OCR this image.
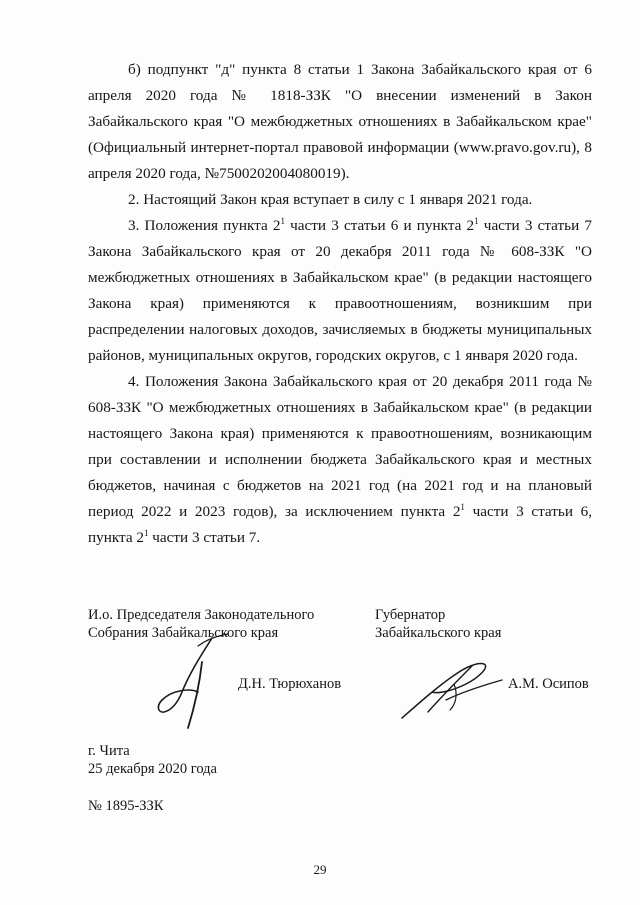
б) подпункт "д" пункта 8 статьи 1 Закона Забайкальского края от 6 апреля 2020 года № 1818-ЗЗК "О внесении изменений в Закон Забайкальского края "О межбюджетных отношениях в Забайкальском крае" (Официальный интернет-портал правовой информации (www.pravo.gov.ru), 8 апреля 2020 года, №7500202004080019).

2. Настоящий Закон края вступает в силу с 1 января 2021 года.

3. Положения пункта $2^1$ части 3 статьи 6 и пункта $2^1$ части 3 статьи 7 Закона Забайкальского края от 20 декабря 2011 года № 608-ЗЗК "О межбюджетных отношениях в Забайкальском крае" (в редакции настоящего Закона края) применяются к правоотношениям, возникшим при распределении налоговых доходов, зачисляемых в бюджеты муниципальных районов, муниципальных округов, городских округов, с 1 января 2020 года.

4. Положения Закона Забайкальского края от 20 декабря 2011 года № 608-ЗЗК "О межбюджетных отношениях в Забайкальском крае" (в редакции настоящего Закона края) применяются к правоотношениям, возникающим при составлении и исполнении бюджета Забайкальского края и местных бюджетов, начиная с бюджетов на 2021 год (на 2021 год и на плановый период 2022 и 2023 годов), за исключением пункта $2^1$ части 3 статьи 6, пункта $2^1$ части 3 статьи 7.

И.о. Председателя Законодательного
Собрания Забайкальского края
Д.Н. Тюрюханов
Губернатор
Забайкальского края
А.М. Осипов
г. Чита
25 декабря 2020 года
№ 1895-ЗЗК
29
